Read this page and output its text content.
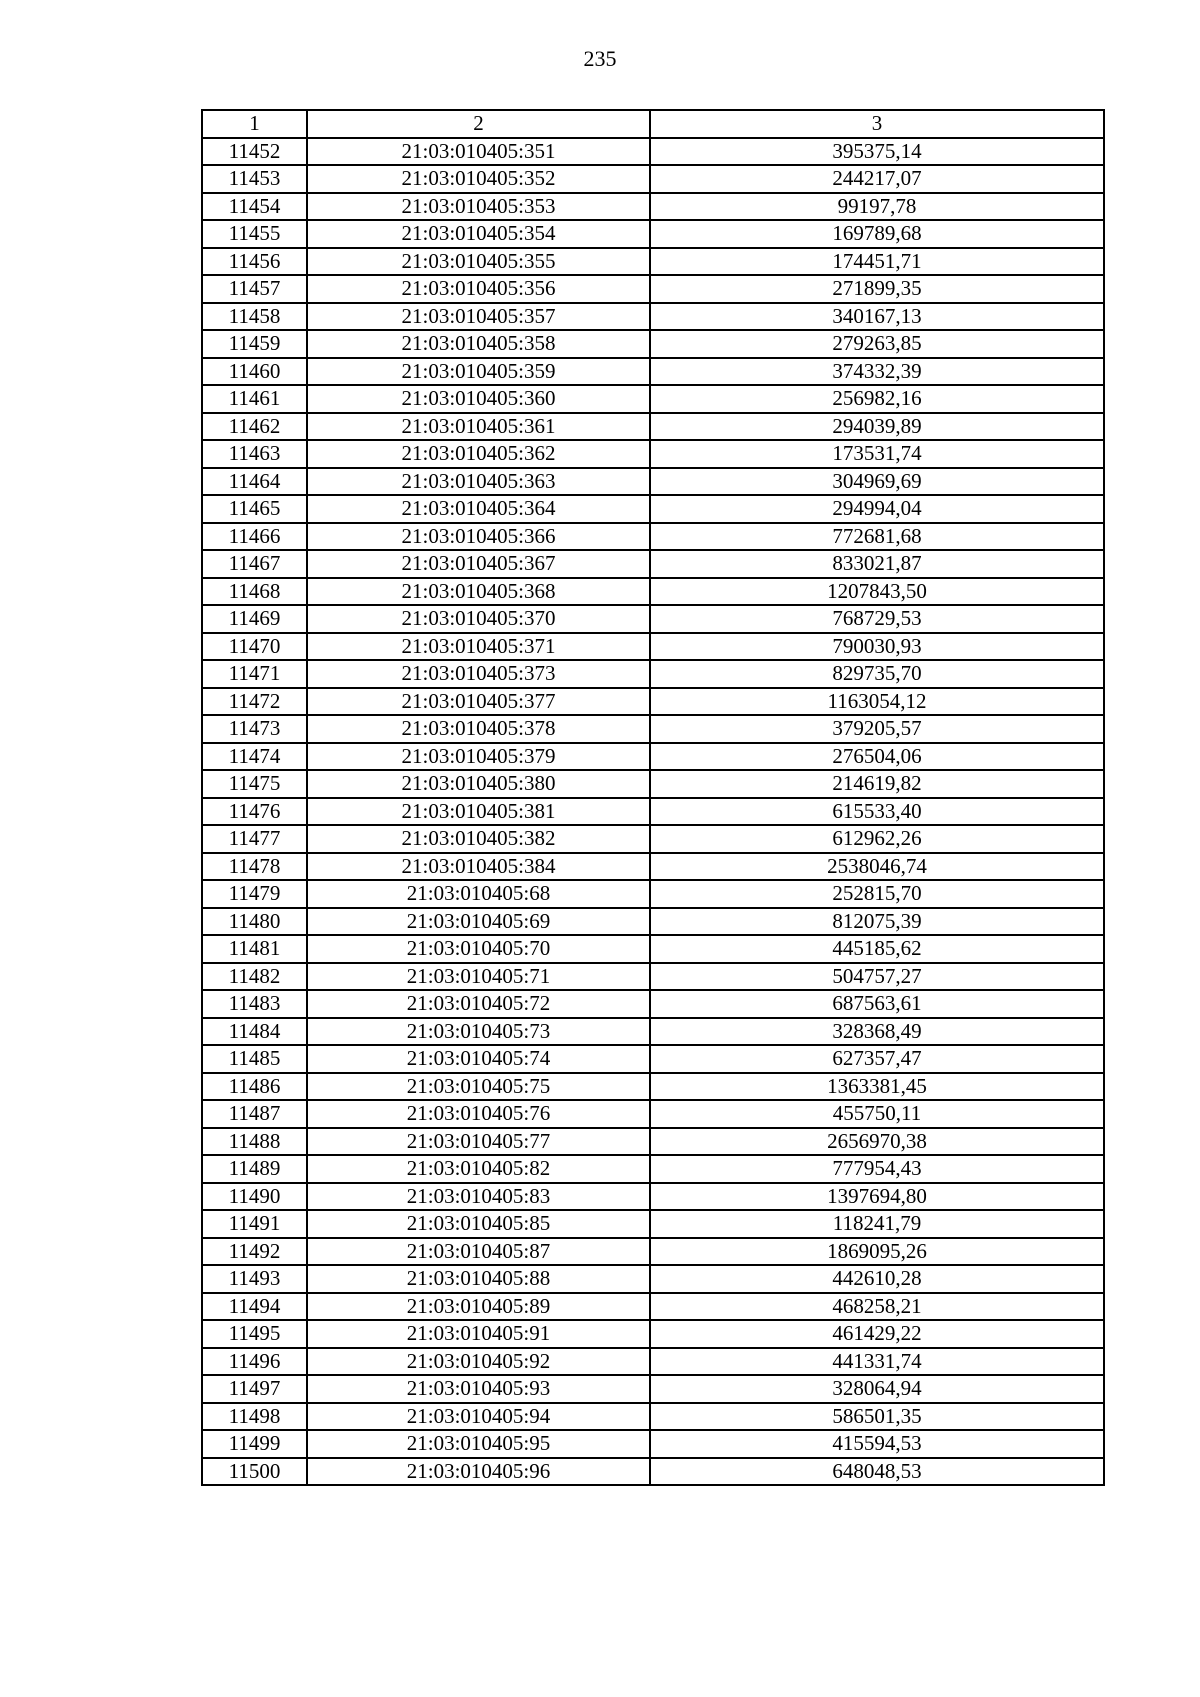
235
1	2	3
11452	21:03:010405:351	395375,14
11453	21:03:010405:352	244217,07
11454	21:03:010405:353	99197,78
11455	21:03:010405:354	169789,68
11456	21:03:010405:355	174451,71
11457	21:03:010405:356	271899,35
11458	21:03:010405:357	340167,13
11459	21:03:010405:358	279263,85
11460	21:03:010405:359	374332,39
11461	21:03:010405:360	256982,16
11462	21:03:010405:361	294039,89
11463	21:03:010405:362	173531,74
11464	21:03:010405:363	304969,69
11465	21:03:010405:364	294994,04
11466	21:03:010405:366	772681,68
11467	21:03:010405:367	833021,87
11468	21:03:010405:368	1207843,50
11469	21:03:010405:370	768729,53
11470	21:03:010405:371	790030,93
11471	21:03:010405:373	829735,70
11472	21:03:010405:377	1163054,12
11473	21:03:010405:378	379205,57
11474	21:03:010405:379	276504,06
11475	21:03:010405:380	214619,82
11476	21:03:010405:381	615533,40
11477	21:03:010405:382	612962,26
11478	21:03:010405:384	2538046,74
11479	21:03:010405:68	252815,70
11480	21:03:010405:69	812075,39
11481	21:03:010405:70	445185,62
11482	21:03:010405:71	504757,27
11483	21:03:010405:72	687563,61
11484	21:03:010405:73	328368,49
11485	21:03:010405:74	627357,47
11486	21:03:010405:75	1363381,45
11487	21:03:010405:76	455750,11
11488	21:03:010405:77	2656970,38
11489	21:03:010405:82	777954,43
11490	21:03:010405:83	1397694,80
11491	21:03:010405:85	118241,79
11492	21:03:010405:87	1869095,26
11493	21:03:010405:88	442610,28
11494	21:03:010405:89	468258,21
11495	21:03:010405:91	461429,22
11496	21:03:010405:92	441331,74
11497	21:03:010405:93	328064,94
11498	21:03:010405:94	586501,35
11499	21:03:010405:95	415594,53
11500	21:03:010405:96	648048,53
